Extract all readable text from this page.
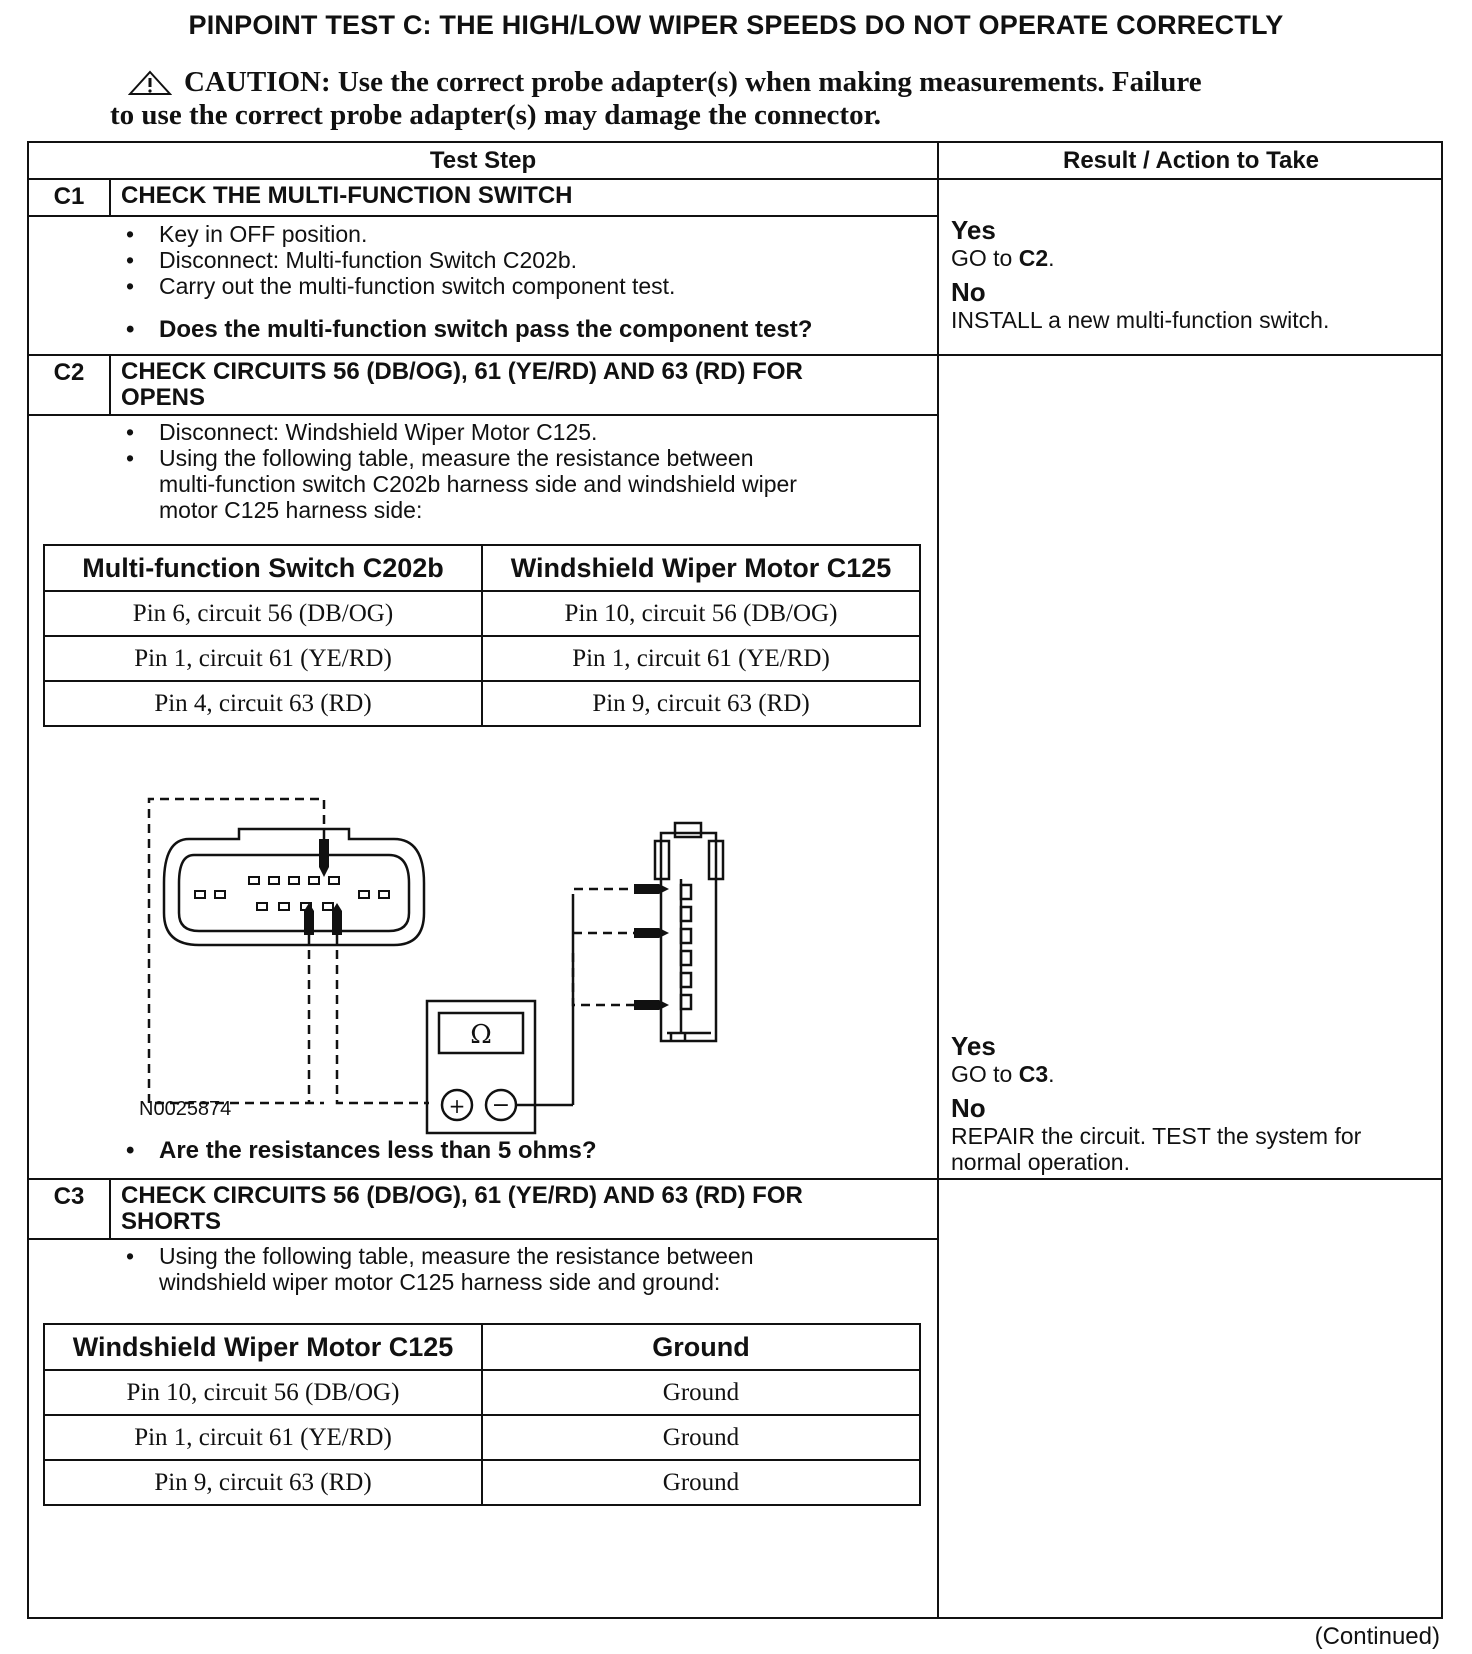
PINPOINT TEST C: THE HIGH/LOW WIPER SPEEDS DO NOT OPERATE CORRECTLY
CAUTION: Use the correct probe adapter(s) when making measurements. Failure
to use the correct probe adapter(s) may damage the connector.
Test Step	Result / Action to Take
C1	CHECK THE MULTI-FUNCTION SWITCH
• Key in OFF position.
• Disconnect: Multi-function Switch C202b.
• Carry out the multi-function switch component test.
• Does the multi-function switch pass the component test?
Yes
GO to C2.
No
INSTALL a new multi-function switch.
C2	CHECK CIRCUITS 56 (DB/OG), 61 (YE/RD) AND 63 (RD) FOR
OPENS
• Disconnect: Windshield Wiper Motor C125.
• Using the following table, measure the resistance between
multi-function switch C202b harness side and windshield wiper
motor C125 harness side:
Multi-function Switch C202b	Windshield Wiper Motor C125
Pin 6, circuit 56 (DB/OG)	Pin 10, circuit 56 (DB/OG)
Pin 1, circuit 61 (YE/RD)	Pin 1, circuit 61 (YE/RD)
Pin 4, circuit 63 (RD)	Pin 9, circuit 63 (RD)
Ω
+ −
N0025874
• Are the resistances less than 5 ohms?
Yes
GO to C3.
No
REPAIR the circuit. TEST the system for
normal operation.
C3	CHECK CIRCUITS 56 (DB/OG), 61 (YE/RD) AND 63 (RD) FOR
SHORTS
• Using the following table, measure the resistance between
windshield wiper motor C125 harness side and ground:
Windshield Wiper Motor C125	Ground
Pin 10, circuit 56 (DB/OG)	Ground
Pin 1, circuit 61 (YE/RD)	Ground
Pin 9, circuit 63 (RD)	Ground
(Continued)
